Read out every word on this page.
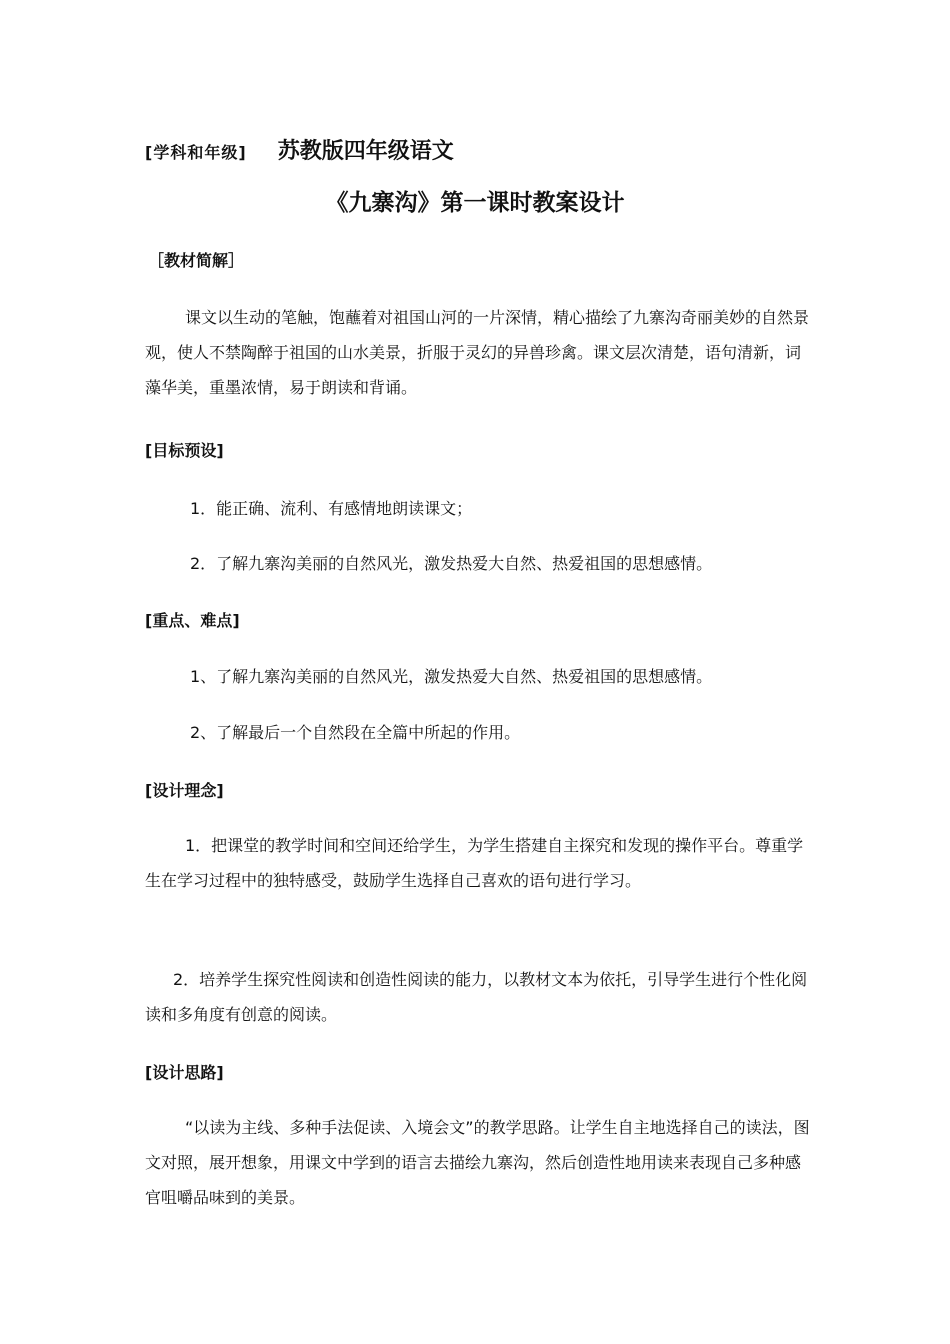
[学科和年级] 苏教版四年级语文
《九寨沟》第一课时教案设计
［教材简解］

课文以生动的笔触，饱蘸着对祖国山河的一片深情，精心描绘了九寨沟奇丽美妙的自然景观，使人不禁陶醉于祖国的山水美景，折服于灵幻的异兽珍禽。课文层次清楚，语句清新，词藻华美，重墨浓情，易于朗读和背诵。

[目标预设]
1．能正确、流利、有感情地朗读课文；
2．了解九寨沟美丽的自然风光，激发热爱大自然、热爱祖国的思想感情。
[重点、难点]
1、了解九寨沟美丽的自然风光，激发热爱大自然、热爱祖国的思想感情。
2、了解最后一个自然段在全篇中所起的作用。
[设计理念]

1．把课堂的教学时间和空间还给学生，为学生搭建自主探究和发现的操作平台。尊重学生在学习过程中的独特感受，鼓励学生选择自己喜欢的语句进行学习。

2．培养学生探究性阅读和创造性阅读的能力，以教材文本为依托，引导学生进行个性化阅读和多角度有创意的阅读。

[设计思路]

“以读为主线、多种手法促读、入境会文”的教学思路。让学生自主地选择自己的读法，图文对照，展开想象，用课文中学到的语言去描绘九寨沟，然后创造性地用读来表现自己多种感官咀嚼品味到的美景。
